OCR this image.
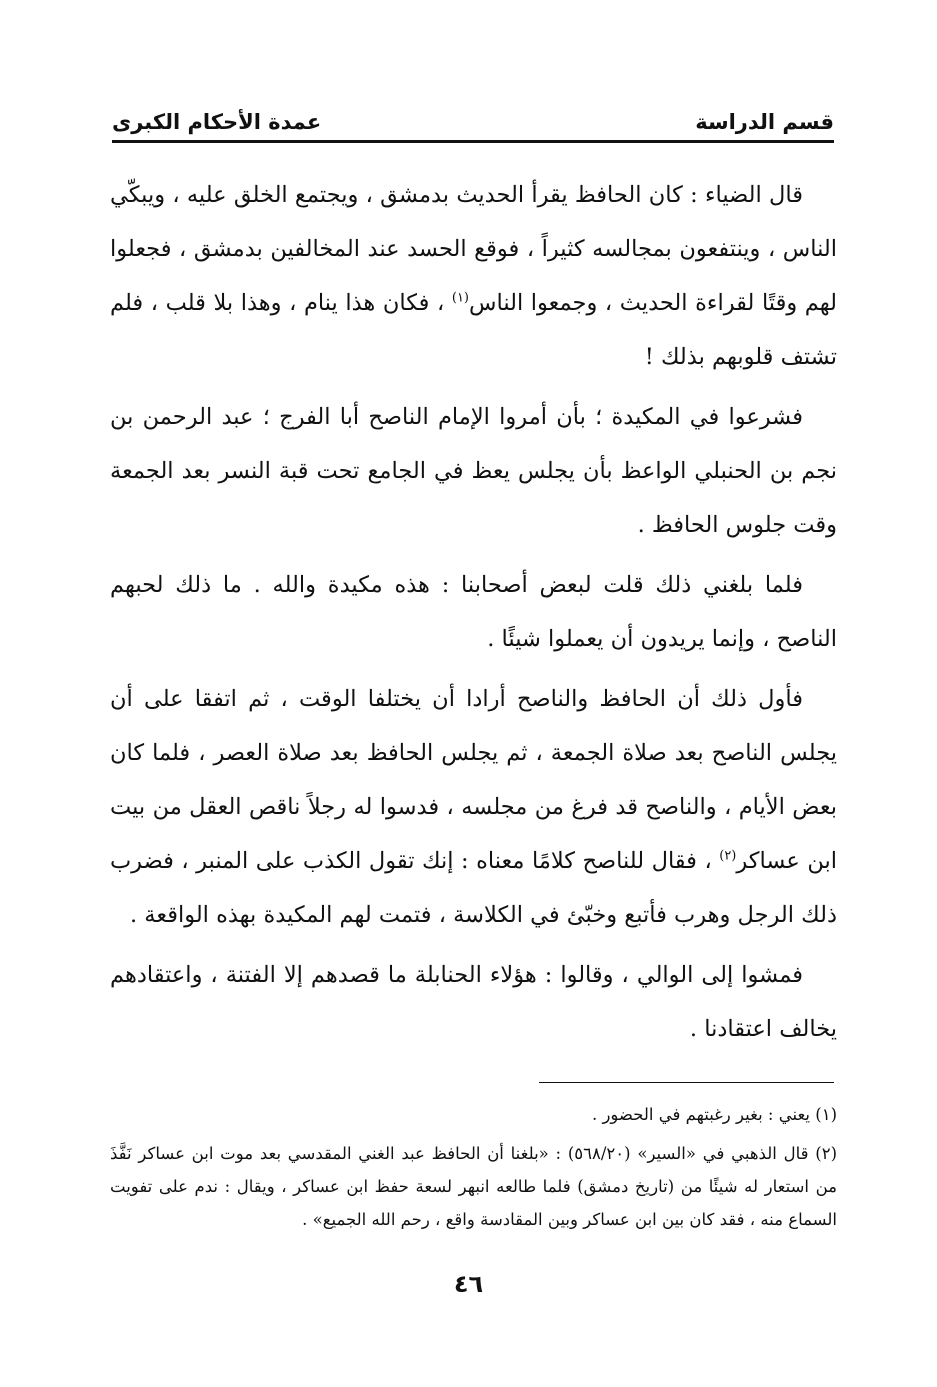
قسم الدراسة
عمدة الأحكام الكبرى

قال الضياء : كان الحافظ يقرأ الحديث بدمشق ، ويجتمع الخلق عليه ، ويبكّي الناس ، وينتفعون بمجالسه كثيراً ، فوقع الحسد عند المخالفين بدمشق ، فجعلوا لهم وقتًا لقراءة الحديث ، وجمعوا الناس$^{(١)}$ ، فكان هذا ينام ، وهذا بلا قلب ، فلم تشتف قلوبهم بذلك !

فشرعوا في المكيدة ؛ بأن أمروا الإمام الناصح أبا الفرج ؛ عبد الرحمن بن نجم بن الحنبلي الواعظ بأن يجلس يعظ في الجامع تحت قبة النسر بعد الجمعة وقت جلوس الحافظ .

فلما بلغني ذلك قلت لبعض أصحابنا : هذه مكيدة والله . ما ذلك لحبهم الناصح ، وإنما يريدون أن يعملوا شيئًا .

فأول ذلك أن الحافظ والناصح أرادا أن يختلفا الوقت ، ثم اتفقا على أن يجلس الناصح بعد صلاة الجمعة ، ثم يجلس الحافظ بعد صلاة العصر ، فلما كان بعض الأيام ، والناصح قد فرغ من مجلسه ، فدسوا له رجلاً ناقص العقل من بيت ابن عساكر$^{(٢)}$ ، فقال للناصح كلامًا معناه : إنك تقول الكذب على المنبر ، فضرب ذلك الرجل وهرب فأتبع وخبّئ في الكلاسة ، فتمت لهم المكيدة بهذه الواقعة .

فمشوا إلى الوالي ، وقالوا : هؤلاء الحنابلة ما قصدهم إلا الفتنة ، واعتقادهم يخالف اعتقادنا .

(١) يعني : بغير رغبتهم في الحضور .

(٢) قال الذهبي في «السير» (٥٦٨/٢٠) : «بلغنا أن الحافظ عبد الغني المقدسي بعد موت ابن عساكر نَفَّذَ من استعار له شيئًا من (تاريخ دمشق) فلما طالعه انبهر لسعة حفظ ابن عساكر ، ويقال : ندم على تفويت السماع منه ، فقد كان بين ابن عساكر وبين المقادسة واقع ، رحم الله الجميع» .

٤٦
